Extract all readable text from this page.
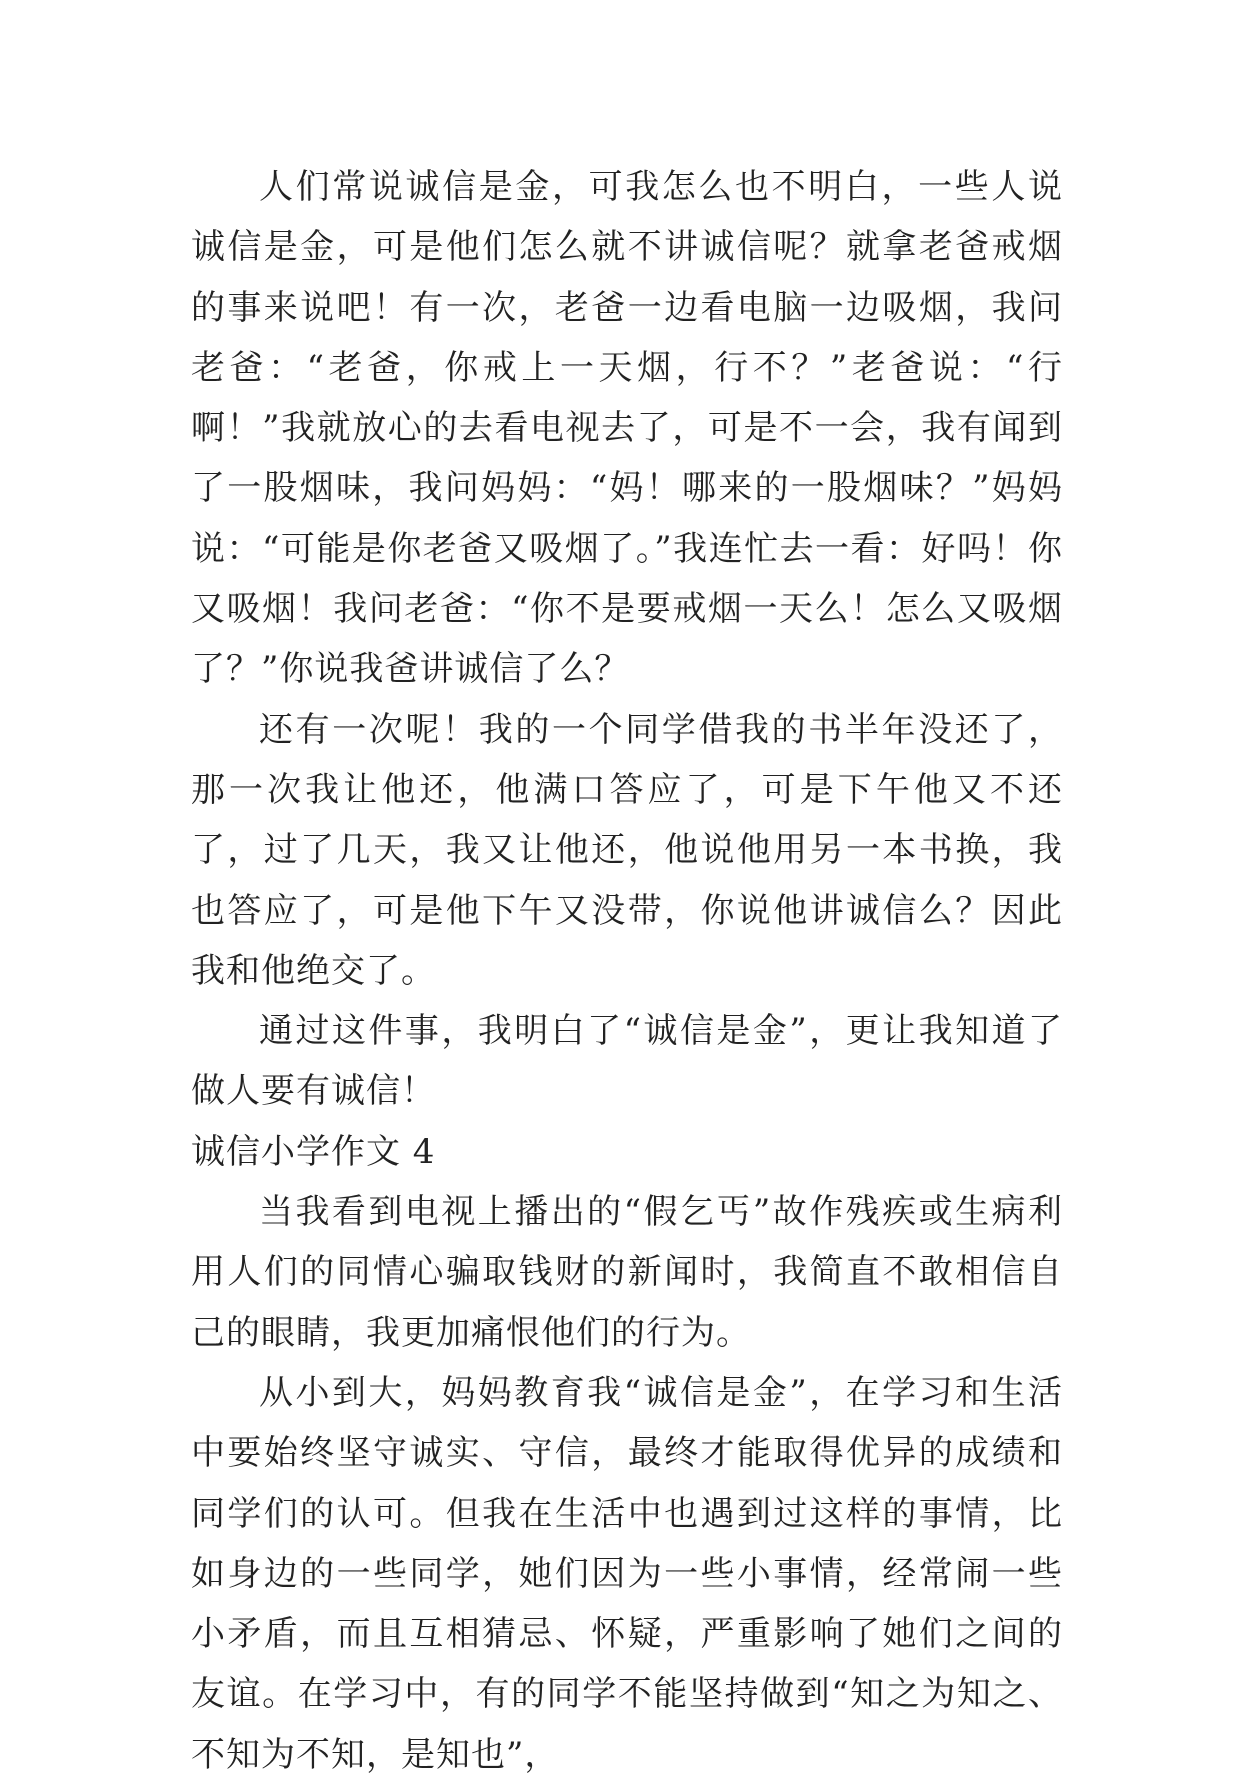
人们常说诚信是金，可我怎么也不明白，一些人说诚信是金，可是他们怎么就不讲诚信呢？就拿老爸戒烟的事来说吧！有一次，老爸一边看电脑一边吸烟，我问老爸：“老爸，你戒上一天烟，行不？”老爸说：“行啊！”我就放心的去看电视去了，可是不一会，我有闻到了一股烟味，我问妈妈：“妈！哪来的一股烟味？”妈妈说：“可能是你老爸又吸烟了。”我连忙去一看：好吗！你又吸烟！我问老爸：“你不是要戒烟一天么！怎么又吸烟了？”你说我爸讲诚信了么？

还有一次呢！我的一个同学借我的书半年没还了，那一次我让他还，他满口答应了，可是下午他又不还了，过了几天，我又让他还，他说他用另一本书换，我也答应了，可是他下午又没带，你说他讲诚信么？因此我和他绝交了。

通过这件事，我明白了“诚信是金”，更让我知道了做人要有诚信！

诚信小学作文 4

当我看到电视上播出的“假乞丐”故作残疾或生病利用人们的同情心骗取钱财的新闻时，我简直不敢相信自己的眼睛，我更加痛恨他们的行为。

从小到大，妈妈教育我“诚信是金”，在学习和生活中要始终坚守诚实、守信，最终才能取得优异的成绩和同学们的认可。但我在生活中也遇到过这样的事情，比如身边的一些同学，她们因为一些小事情，经常闹一些小矛盾，而且互相猜忌、怀疑，严重影响了她们之间的友谊。在学习中，有的同学不能坚持做到“知之为知之、不知为不知，是知也”，
